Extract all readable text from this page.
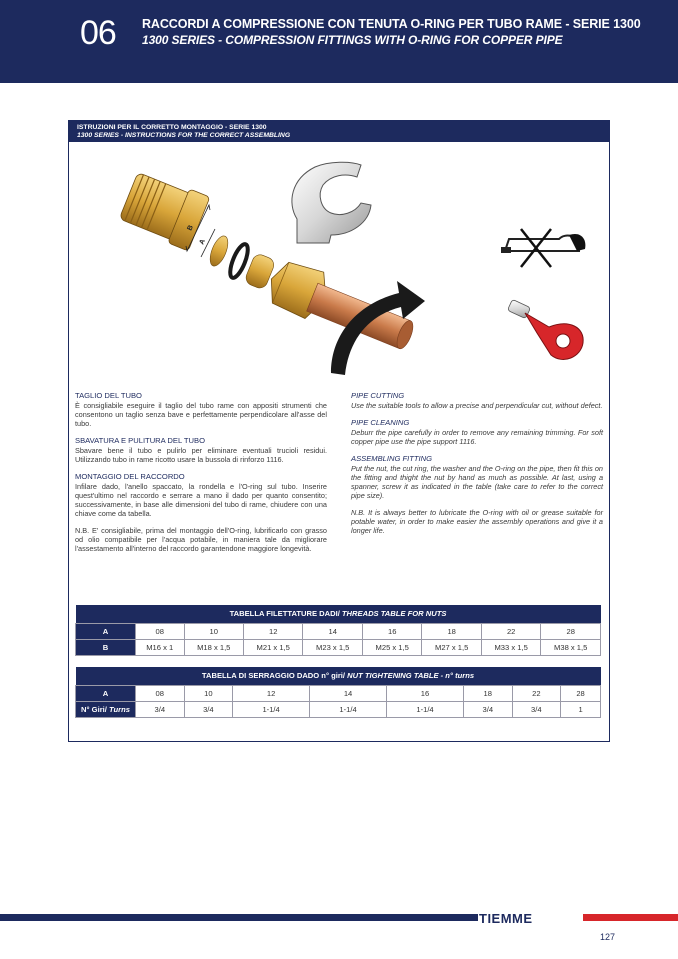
06 RACCORDI A COMPRESSIONE CON TENUTA O-RING PER TUBO RAME - SERIE 1300
1300 SERIES - COMPRESSION FITTINGS WITH O-RING FOR COPPER PIPE
ISTRUZIONI PER IL CORRETTO MONTAGGIO - SERIE 1300
1300 SERIES - INSTRUCTIONS FOR THE CORRECT ASSEMBLING
B
A
TAGLIO DEL TUBO

È consigliabile eseguire il taglio del tubo rame con appositi strumenti che consentono un taglio senza bave e perfettamente perpendicolare all'asse del tubo.

SBAVATURA E PULITURA DEL TUBO

Sbavare bene il tubo e pulirlo per eliminare eventuali trucioli residui. Utilizzando tubo in rame ricotto usare la bussola di rinforzo 1116.

MONTAGGIO DEL RACCORDO

Infilare dado, l'anello spaccato, la rondella e l'O-ring sul tubo. Inserire quest'ultimo nel raccordo e serrare a mano il dado per quanto consentito; successivamente, in base alle dimensioni del tubo di rame, chiudere con una chiave come da tabella.

N.B. E' consigliabile, prima del montaggio dell'O-ring, lubrificarlo con grasso od olio compatibile per l'acqua potabile, in maniera tale da migliorare l'assestamento all'interno del raccordo garantendone maggiore longevità.

PIPE CUTTING

Use the suitable tools to allow a precise and perpendicular cut, without defect.

PIPE CLEANING

Deburr the pipe carefully in order to remove any remaining trimming. For soft copper pipe use the pipe support 1116.

ASSEMBLING FITTING

Put the nut, the cut ring, the washer and the O-ring on the pipe, then fit this on the fitting and thight the nut by hand as much as possible. At last, using a spanner, screw it as indicated in the table (take care to refer to the correct pipe size).

N.B. It is always better to lubricate the O-ring with oil or grease suitable for potable water, in order to make easier the assembly operations and give it a longer life.

TABELLA FILETTATURE DADI/ THREADS TABLE FOR NUTS								
A	08	10	12	14	16	18	22	28
B	M16 x 1	M18 x 1,5	M21 x 1,5	M23 x 1,5	M25 x 1,5	M27 x 1,5	M33 x 1,5	M38 x 1,5
TABELLA DI SERRAGGIO DADO n° giri/ NUT TIGHTENING TABLE - n° turns								
A	08	10	12	14	16	18	22	28
N° Giri/ Turns	3/4	3/4	1-1/4	1-1/4	1-1/4	3/4	3/4	1
TIEMME
127
